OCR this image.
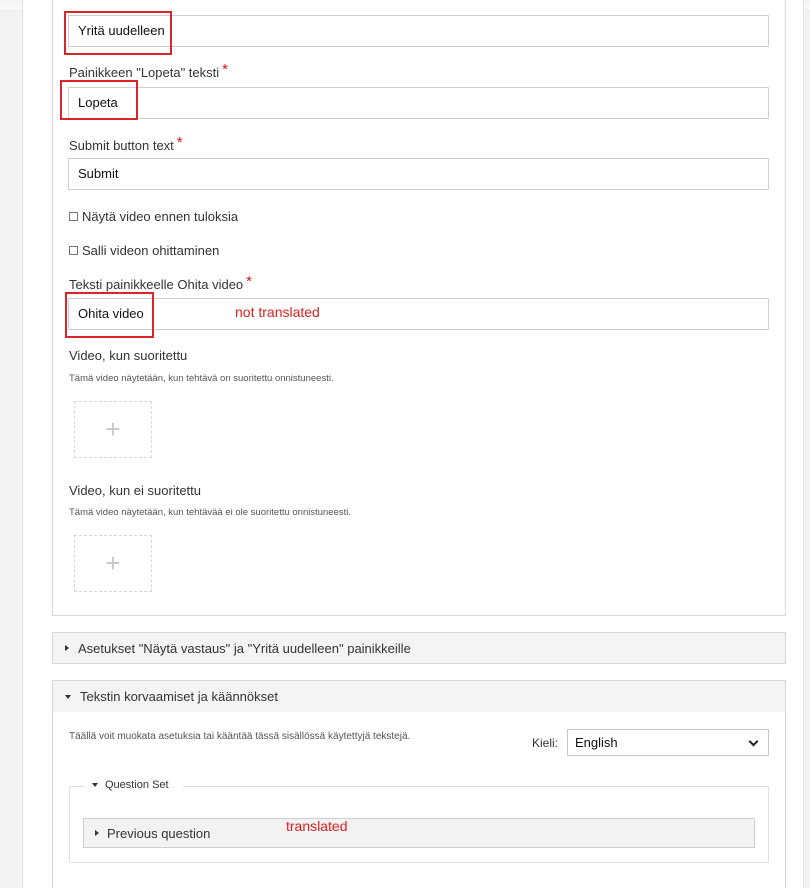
Yritä uudelleen
Painikkeen "Lopeta" teksti *
Lopeta
Submit button text *
Submit
Näytä video ennen tuloksia
Salli videon ohittaminen
Teksti painikkeelle Ohita video *
Ohita video	not translated
Video, kun suoritettu
Tämä video näytetään, kun tehtävä on suoritettu onnistuneesti.
+
Video, kun ei suoritettu
Tämä video näytetään, kun tehtävää ei ole suoritettu onnistuneesti.
+
Asetukset "Näytä vastaus" ja "Yritä uudelleen" painikkeille
Tekstin korvaamiset ja käännökset
Täällä voit muokata asetuksia tai kääntää tässä sisällössä käytettyjä tekstejä.	Kieli:	English
Question Set
Previous question	translated
